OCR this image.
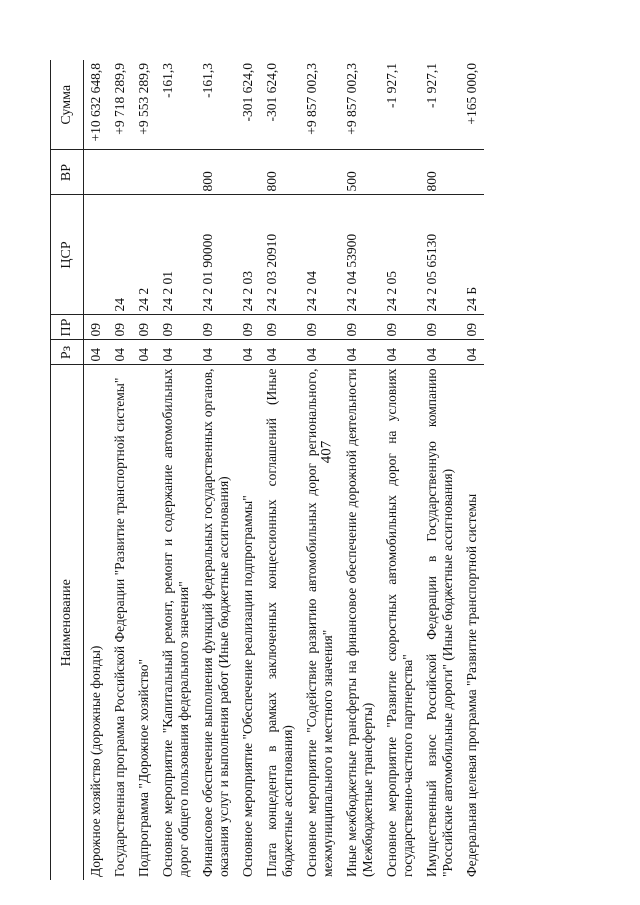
407
Наименование	Рз	ПР	ЦСР	ВР	Сумма
Дорожное хозяйство (дорожные фонды)	04	09			+10 632 648,8
Государственная программа Российской Федерации "Развитие транспортной системы"	04	09	24		+9 718 289,9
Подпрограмма "Дорожное хозяйство"	04	09	24 2		+9 553 289,9
Основное мероприятие "Капитальный ремонт, ремонт и содержание автомобильных дорог общего пользования федерального значения"	04	09	24 2 01		-161,3
Финансовое обеспечение выполнения функций федеральных государственных органов, оказания услуг и выполнения работ (Иные бюджетные ассигнования)	04	09	24 2 01 90000	800	-161,3
Основное мероприятие "Обеспечение реализации подпрограммы"	04	09	24 2 03		-301 624,0
Плата концедента в рамках заключенных концессионных соглашений (Иные бюджетные ассигнования)	04	09	24 2 03 20910	800	-301 624,0
Основное мероприятие "Содействие развитию автомобильных дорог регионального, межмуниципального и местного значения"	04	09	24 2 04		+9 857 002,3
Иные межбюджетные трансферты на финансовое обеспечение дорожной деятельности (Межбюджетные трансферты)	04	09	24 2 04 53900	500	+9 857 002,3
Основное мероприятие "Развитие скоростных автомобильных дорог на условиях государственно-частного партнерства"	04	09	24 2 05		-1 927,1
Имущественный взнос Российской Федерации в Государственную компанию "Российские автомобильные дороги" (Иные бюджетные ассигнования)	04	09	24 2 05 65130	800	-1 927,1
Федеральная целевая программа "Развитие транспортной системы	04	09	24 Б		+165 000,0
